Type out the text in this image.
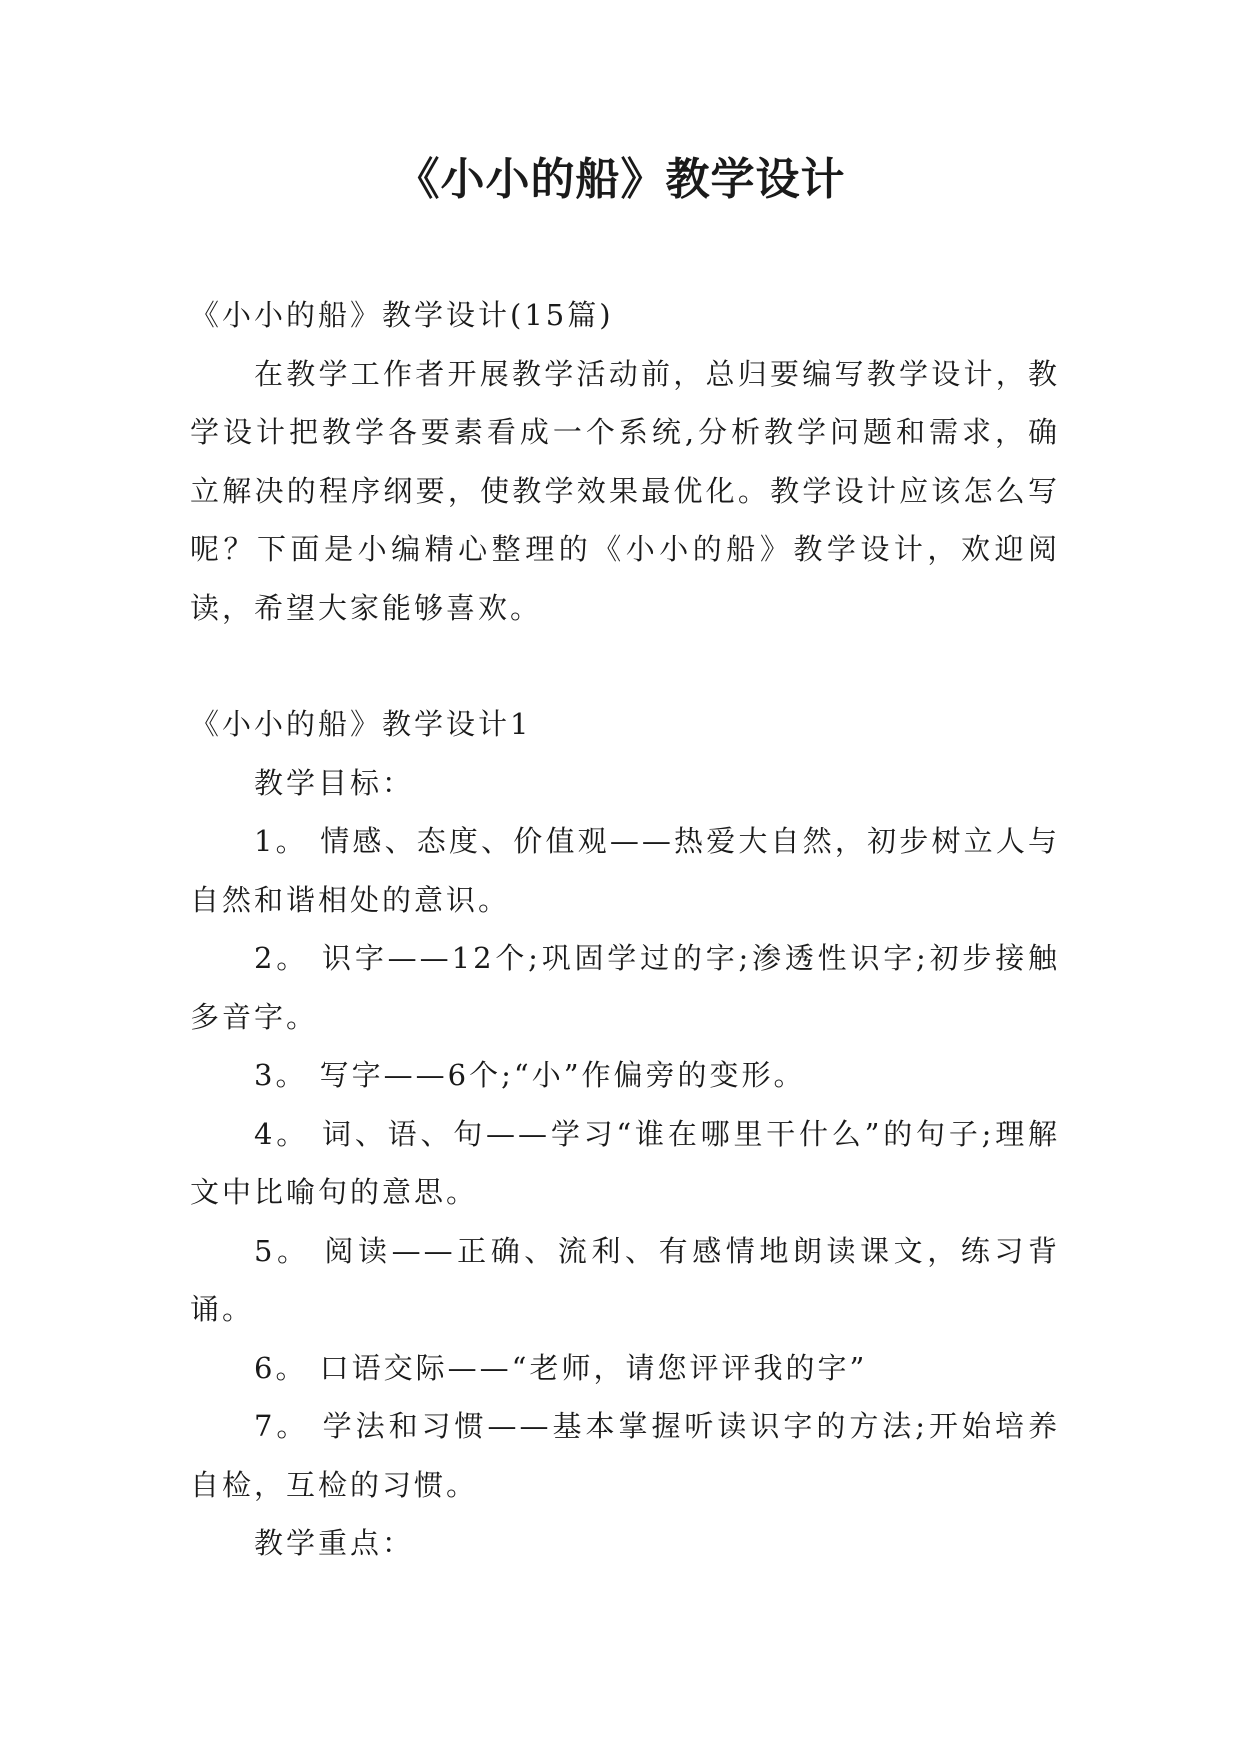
《小小的船》教学设计

《小小的船》教学设计(15篇)

在教学工作者开展教学活动前，总归要编写教学设计，教学设计把教学各要素看成一个系统,分析教学问题和需求，确立解决的程序纲要，使教学效果最优化。教学设计应该怎么写呢？下面是小编精心整理的《小小的船》教学设计，欢迎阅读，希望大家能够喜欢。

《小小的船》教学设计1

教学目标：

1。 情感、态度、价值观——热爱大自然，初步树立人与自然和谐相处的意识。

2。 识字——12个;巩固学过的字;渗透性识字;初步接触多音字。

3。 写字——6个;“小”作偏旁的变形。

4。 词、语、句——学习“谁在哪里干什么”的句子;理解文中比喻句的意思。

5。 阅读——正确、流利、有感情地朗读课文，练习背诵。

6。 口语交际——“老师，请您评评我的字”

7。 学法和习惯——基本掌握听读识字的方法;开始培养自检，互检的习惯。

教学重点：
